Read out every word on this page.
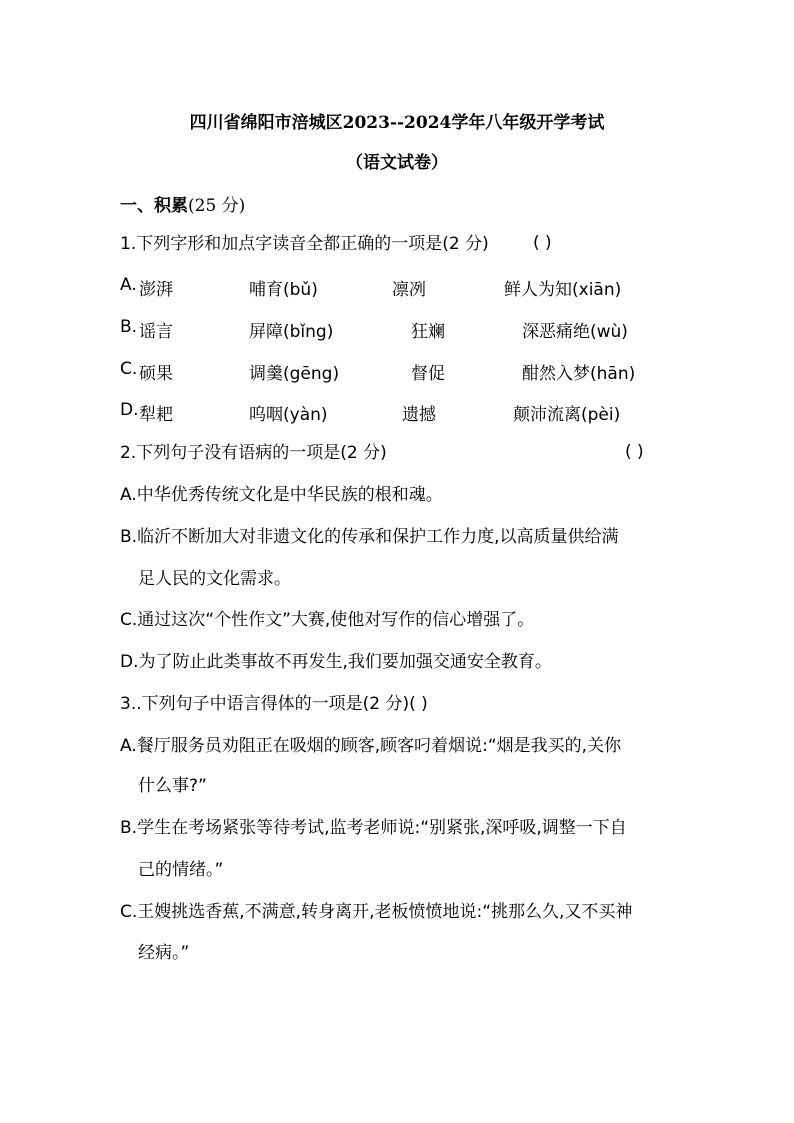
四川省绵阳市涪城区2023--2024学年八年级开学考试
（语文试卷）
一、积累(25 分)
1.下列字形和加点字读音全都正确的一项是(2 分)	( )
A. 澎湃	哺育(bǔ)	凛冽	鲜人为知(xiān)
B. 谣言	屏障(bǐng)	狂斓	深恶痛绝(wù)
C. 硕果	调羹(gēng)	督促	酣然入梦(hān)
D. 犁耙	呜咽(yàn)	遗撼	颠沛流离(pèi)
2.下列句子没有语病的一项是(2 分)	( )
A.中华优秀传统文化是中华民族的根和魂。
B.临沂不断加大对非遗文化的传承和保护工作力度,以高质量供给满
足人民的文化需求。
C.通过这次“个性作文”大赛,使他对写作的信心增强了。
D.为了防止此类事故不再发生,我们要加强交通安全教育。
3..下列句子中语言得体的一项是(2 分)( )
A.餐厅服务员劝阻正在吸烟的顾客,顾客叼着烟说:“烟是我买的,关你
什么事?”
B.学生在考场紧张等待考试,监考老师说:“别紧张,深呼吸,调整一下自
己的情绪。”
C.王嫂挑选香蕉,不满意,转身离开,老板愤愤地说:“挑那么久,又不买神
经病。”
